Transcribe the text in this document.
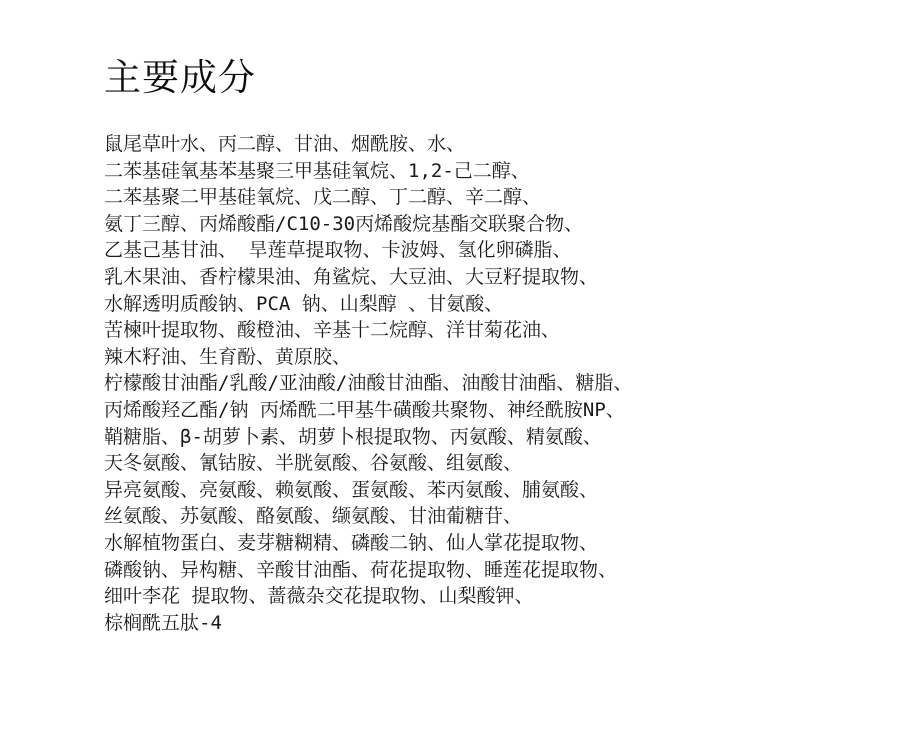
主要成分
鼠尾草叶水、丙二醇、甘油、烟酰胺、水、
二苯基硅氧基苯基聚三甲基硅氧烷、1,2-己二醇、
二苯基聚二甲基硅氧烷、戊二醇、丁二醇、辛二醇、
氨丁三醇、丙烯酸酯/C10-30丙烯酸烷基酯交联聚合物、
乙基己基甘油、 旱莲草提取物、卡波姆、氢化卵磷脂、
乳木果油、香柠檬果油、角鲨烷、大豆油、大豆籽提取物、
水解透明质酸钠、PCA 钠、山梨醇 、甘氨酸、
苦楝叶提取物、酸橙油、辛基十二烷醇、洋甘菊花油、
辣木籽油、生育酚、黄原胶、
柠檬酸甘油酯/乳酸/亚油酸/油酸甘油酯、油酸甘油酯、糖脂、
丙烯酸羟乙酯/钠 丙烯酰二甲基牛磺酸共聚物、神经酰胺NP、
鞘糖脂、β-胡萝卜素、胡萝卜根提取物、丙氨酸、精氨酸、
天冬氨酸、氰钴胺、半胱氨酸、谷氨酸、组氨酸、
异亮氨酸、亮氨酸、赖氨酸、蛋氨酸、苯丙氨酸、脯氨酸、
丝氨酸、苏氨酸、酪氨酸、缬氨酸、甘油葡糖苷、
水解植物蛋白、麦芽糖糊精、磷酸二钠、仙人掌花提取物、
磷酸钠、异构糖、辛酸甘油酯、荷花提取物、睡莲花提取物、
细叶李花 提取物、蔷薇杂交花提取物、山梨酸钾、
棕榈酰五肽-4
